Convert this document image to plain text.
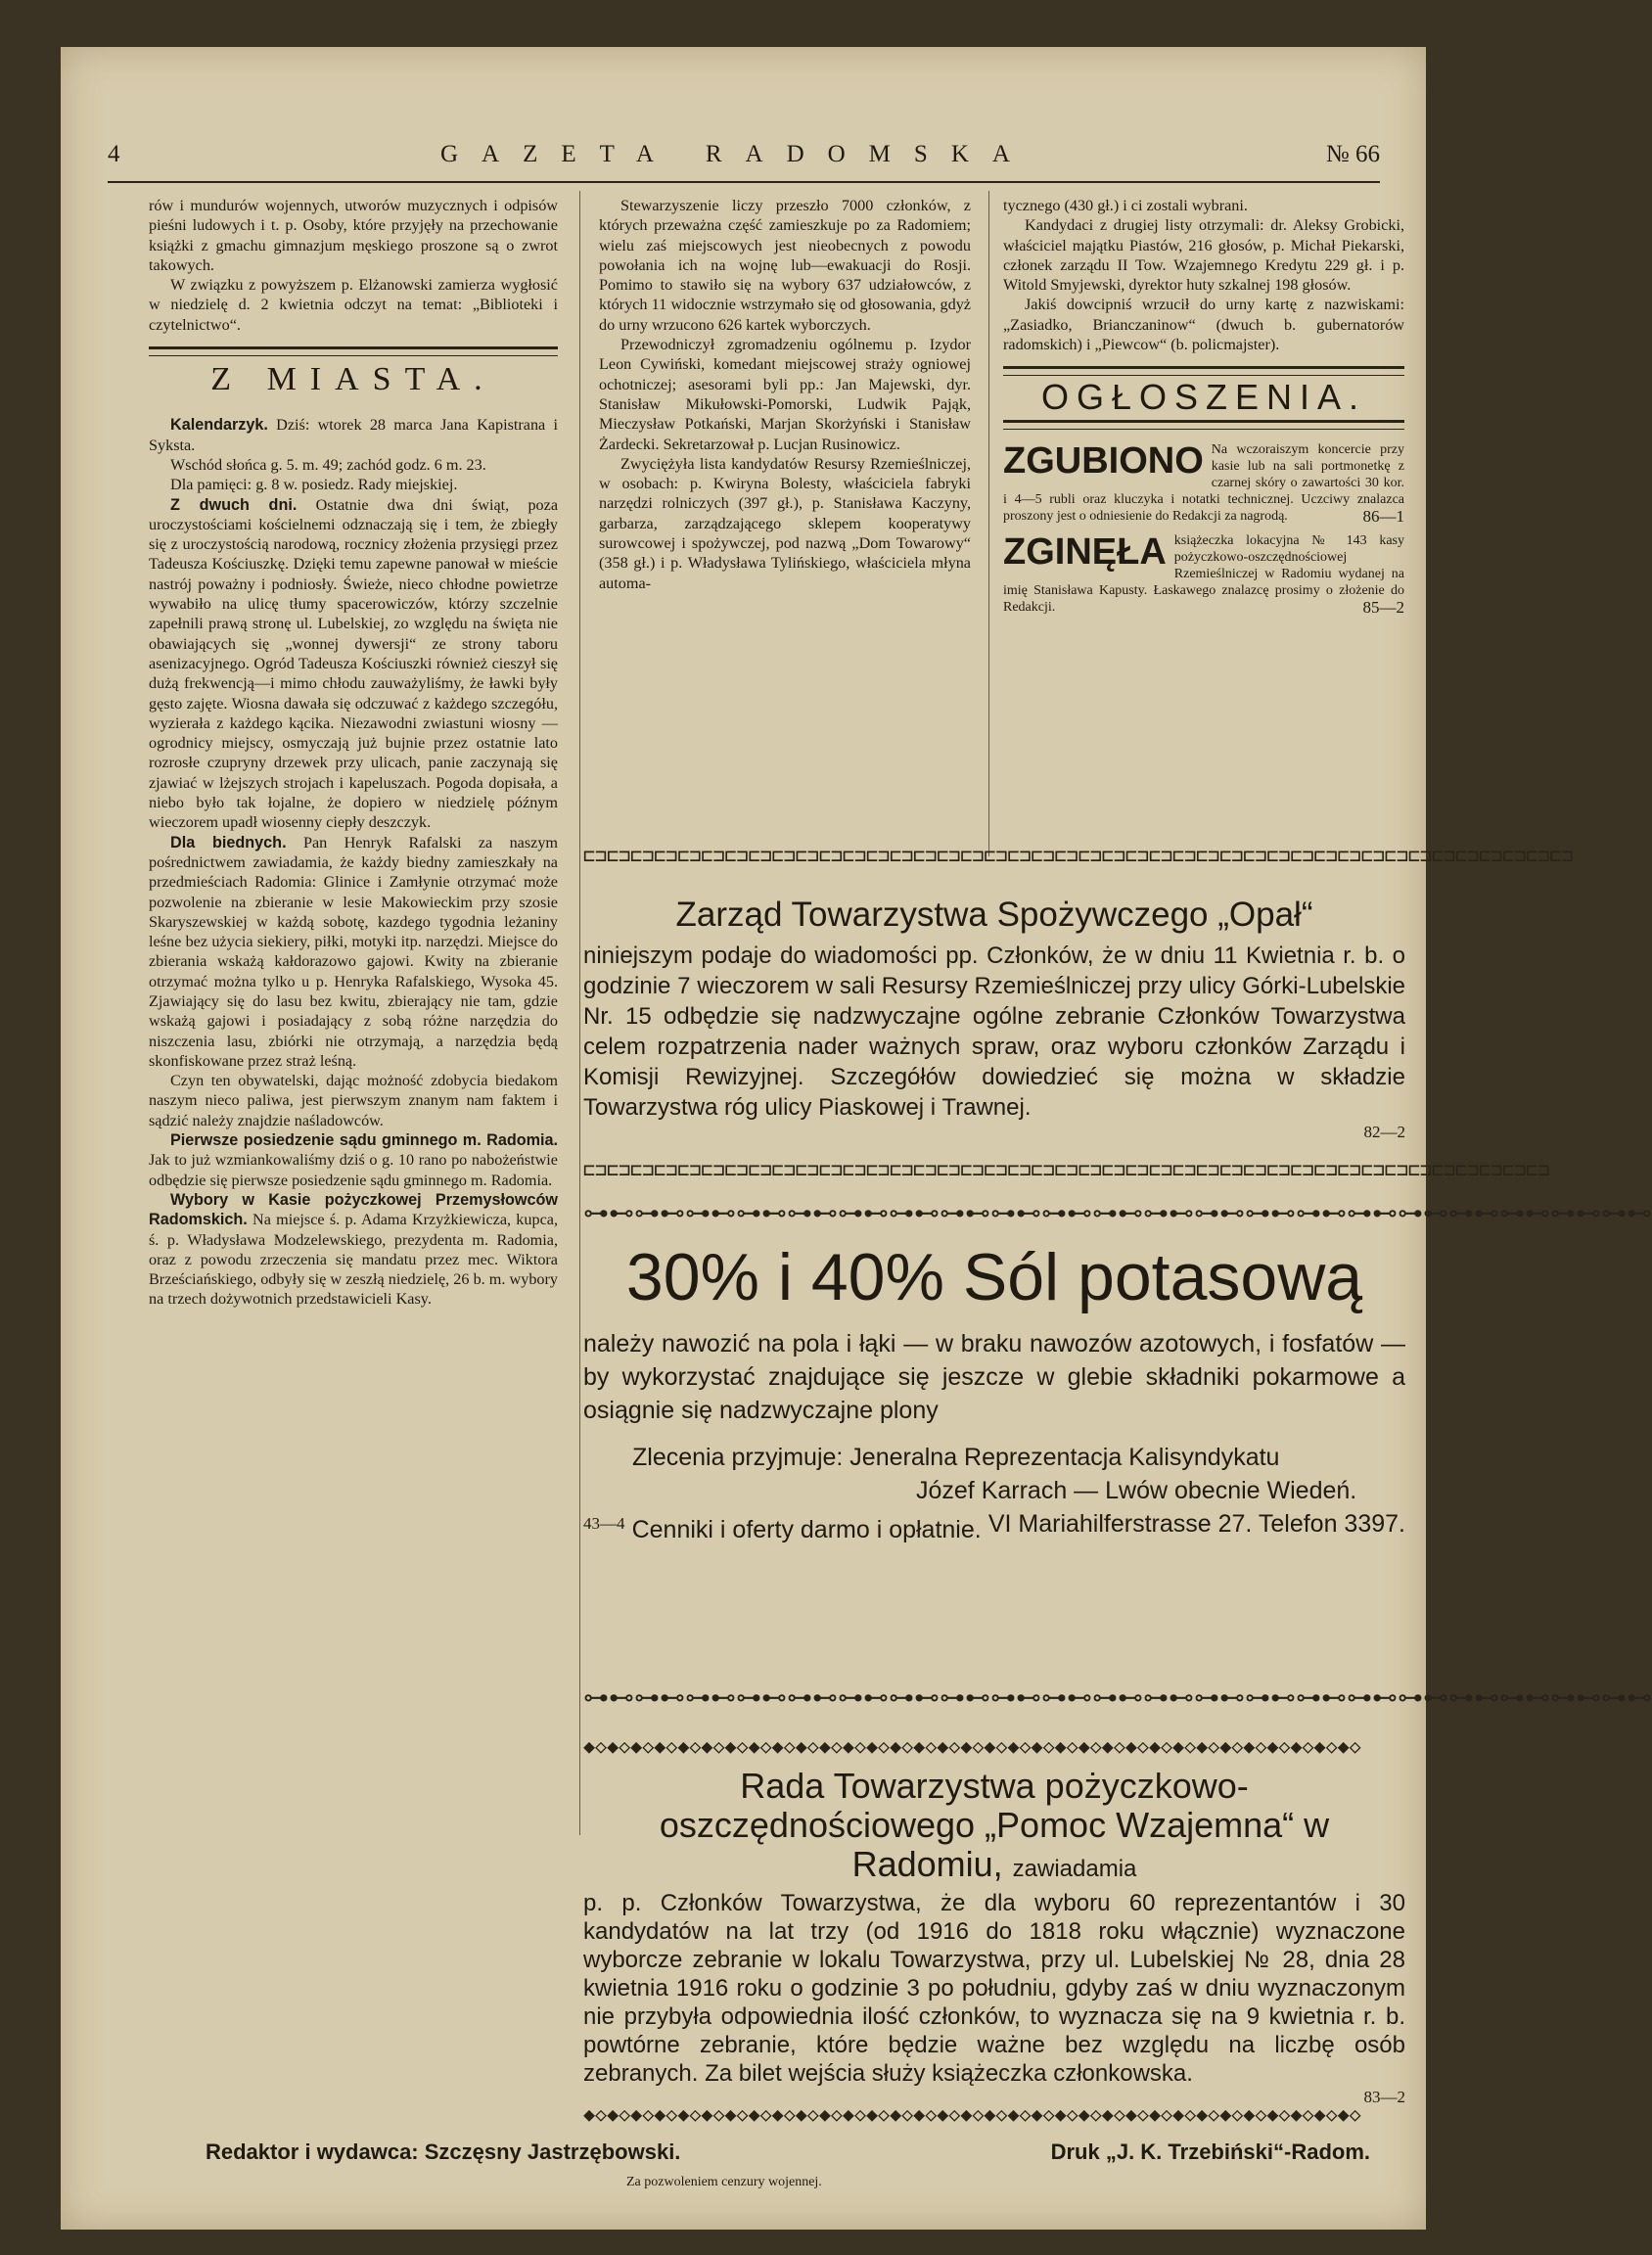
4	GAZETA RADOMSKA	№ 66

rów i mundurów wojennych, utworów muzycznych i odpisów pieśni ludowych i t. p. Osoby, które przyjęły na przechowanie książki z gmachu gimnazjum męskiego proszone są o zwrot takowych.

W związku z powyższem p. Elżanowski zamierza wygłosić w niedzielę d. 2 kwietnia odczyt na temat: „Biblioteki i czytelnictwo“.

Z MIASTA.

Kalendarzyk. Dziś: wtorek 28 marca Jana Kapistrana i Syksta.

Wschód słońca g. 5. m. 49; zachód godz. 6 m. 23.

Dla pamięci: g. 8 w. posiedz. Rady miejskiej.

Z dwuch dni. Ostatnie dwa dni świąt, poza uroczystościami kościelnemi odznaczają się i tem, że zbiegły się z uroczystością narodową, rocznicy złożenia przysięgi przez Tadeusza Kościuszkę. Dzięki temu zapewne panował w mieście nastrój poważny i podniosły. Świeże, nieco chłodne powietrze wywabiło na ulicę tłumy spacerowiczów, którzy szczelnie zapełnili prawą stronę ul. Lubelskiej, zo względu na święta nie obawiających się „wonnej dywersji“ ze strony taboru asenizacyjnego. Ogród Tadeusza Kościuszki również cieszył się dużą frekwencją—i mimo chłodu zauważyliśmy, że ławki były gęsto zajęte. Wiosna dawała się odczuwać z każdego szczegółu, wyzierała z każdego kącika. Niezawodni zwiastuni wiosny — ogrodnicy miejscy, osmyczają już bujnie przez ostatnie lato rozrosłe czupryny drzewek przy ulicach, panie zaczynają się zjawiać w lżejszych strojach i kapeluszach. Pogoda dopisała, a niebo było tak łojalne, że dopiero w niedzielę późnym wieczorem upadł wiosenny ciepły deszczyk.

Dla biednych. Pan Henryk Rafalski za naszym pośrednictwem zawiadamia, że każdy biedny zamieszkały na przedmieściach Radomia: Glinice i Zamłynie otrzymać może pozwolenie na zbieranie w lesie Makowieckim przy szosie Skaryszewskiej w każdą sobotę, kazdego tygodnia leżaniny leśne bez użycia siekiery, piłki, motyki itp. narzędzi. Miejsce do zbierania wskażą kałdorazowo gajowi. Kwity na zbieranie otrzymać można tylko u p. Henryka Rafalskiego, Wysoka 45. Zjawiający się do lasu bez kwitu, zbierający nie tam, gdzie wskażą gajowi i posiadający z sobą różne narzędzia do niszczenia lasu, zbiórki nie otrzymają, a narzędzia będą skonfiskowane przez straż leśną.

Czyn ten obywatelski, dając możność zdobycia biedakom naszym nieco paliwa, jest pierwszym znanym nam faktem i sądzić należy znajdzie naśladowców.

Pierwsze posiedzenie sądu gminnego m. Radomia. Jak to już wzmiankowaliśmy dziś o g. 10 rano po nabożeństwie odbędzie się pierwsze posiedzenie sądu gminnego m. Radomia.

Wybory w Kasie pożyczkowej Przemysłowców Radomskich. Na miejsce ś. p. Adama Krzyżkiewicza, kupca, ś. p. Władysława Modzelewskiego, prezydenta m. Radomia, oraz z powodu zrzeczenia się mandatu przez mec. Wiktora Brześciańskiego, odbyły się w zeszłą niedzielę, 26 b. m. wybory na trzech dożywotnich przedstawicieli Kasy.

Stewarzyszenie liczy przeszło 7000 członków, z których przeważna część zamieszkuje po za Radomiem; wielu zaś miejscowych jest nieobecnych z powodu powołania ich na wojnę lub—ewakuacji do Rosji. Pomimo to stawiło się na wybory 637 udziałowców, z których 11 widocznie wstrzymało się od głosowania, gdyż do urny wrzucono 626 kartek wyborczych.

Przewodniczył zgromadzeniu ogólnemu p. Izydor Leon Cywiński, komedant miejscowej straży ogniowej ochotniczej; asesorami byli pp.: Jan Majewski, dyr. Stanisław Mikułowski-Pomorski, Ludwik Pająk, Mieczysław Potkański, Marjan Skorżyński i Stanisław Żardecki. Sekretarzował p. Lucjan Rusinowicz.

Zwyciężyła lista kandydatów Resursy Rzemieślniczej, w osobach: p. Kwiryna Bolesty, właściciela fabryki narzędzi rolniczych (397 gł.), p. Stanisława Kaczyny, garbarza, zarządzającego sklepem kooperatywy surowcowej i spożywczej, pod nazwą „Dom Towarowy“ (358 gł.) i p. Władysława Tylińskiego, właściciela młyna automa-

tycznego (430 gł.) i ci zostali wybrani.

Kandydaci z drugiej listy otrzymali: dr. Aleksy Grobicki, właściciel majątku Piastów, 216 głosów, p. Michał Piekarski, członek zarządu II Tow. Wzajemnego Kredytu 229 gł. i p. Witold Smyjewski, dyrektor huty szkalnej 198 głosów.

Jakiś dowcipniś wrzucił do urny kartę z nazwiskami: „Zasiadko, Brianczaninow“ (dwuch b. gubernatorów radomskich) i „Piewcow“ (b. policmajster).

OGŁOSZENIA.
ZGUBIONO Na wczoraiszym koncercie przy kasie lub na sali portmonetkę z czarnej skóry o zawartości 30 kor. i 4—5 rubli oraz kluczyka i notatki technicznej. Uczciwy znalazca proszony jest o odniesienie do Redakcji za nagrodą.	86—1
ZGINĘŁA książeczka lokacyjna № 143 kasy pożyczkowo-oszczędnościowej Rzemieślniczej w Radomiu wydanej na imię Stanisława Kapusty. Łaskawego znalazcę prosimy o złożenie do Redakcji.	85—2
⊏⊐⊏⊐⊏⊐⊏⊐⊏⊐⊏⊐⊏⊐⊏⊐⊏⊐⊏⊐⊏⊐⊏⊐⊏⊐⊏⊐⊏⊐⊏⊐⊏⊐⊏⊐⊏⊐⊏⊐⊏⊐⊏⊐⊏⊐⊏⊐⊏⊐⊏⊐⊏⊐⊏⊐⊏⊐⊏⊐⊏⊐⊏⊐⊏⊐⊏⊐⊏⊐⊏⊐⊏⊐⊏⊐⊏⊐⊏⊐⊏⊐⊏⊐
Zarząd Towarzystwa Spożywczego „Opał“
niniejszym podaje do wiadomości pp. Członków, że w dniu 11 Kwietnia r. b. o godzinie 7 wieczorem w sali Resursy Rzemieślniczej przy ulicy Górki-Lubelskie Nr. 15 odbędzie się nadzwyczajne ogólne zebranie Członków Towarzystwa celem rozpatrzenia nader ważnych spraw, oraz wyboru członków Zarządu i Komisji Rewizyjnej. Szczegółów dowiedzieć się można w składzie Towarzystwa róg ulicy Piaskowej i Trawnej.
82—2
⊏⊐⊏⊐⊏⊐⊏⊐⊏⊐⊏⊐⊏⊐⊏⊐⊏⊐⊏⊐⊏⊐⊏⊐⊏⊐⊏⊐⊏⊐⊏⊐⊏⊐⊏⊐⊏⊐⊏⊐⊏⊐⊏⊐⊏⊐⊏⊐⊏⊐⊏⊐⊏⊐⊏⊐⊏⊐⊏⊐⊏⊐⊏⊐⊏⊐⊏⊐⊏⊐⊏⊐⊏⊐⊏⊐⊏⊐⊏⊐⊏⊐
⊶⊷⊶⊷⊶⊷⊶⊷⊶⊷⊶⊷⊶⊷⊶⊷⊶⊷⊶⊷⊶⊷⊶⊷⊶⊷⊶⊷⊶⊷⊶⊷⊶⊷⊶⊷⊶⊷⊶⊷⊶⊷
30% i 40% Sól potasową
należy nawozić na pola i łąki — w braku nawozów azotowych, i fosfatów — by wykorzystać znajdujące się jeszcze w glebie składniki pokarmowe a osiągnie się nadzwyczajne plony
Zlecenia przyjmuje: Jeneralna Reprezentacja Kalisyndykatu
Józef Karrach — Lwów obecnie Wiedeń.
43—4	VI Mariahilferstrasse 27. Telefon 3397.
Cenniki i oferty darmo i opłatnie.
⊶⊷⊶⊷⊶⊷⊶⊷⊶⊷⊶⊷⊶⊷⊶⊷⊶⊷⊶⊷⊶⊷⊶⊷⊶⊷⊶⊷⊶⊷⊶⊷⊶⊷⊶⊷⊶⊷⊶⊷⊶⊷
◆◇◆◇◆◇◆◇◆◇◆◇◆◇◆◇◆◇◆◇◆◇◆◇◆◇◆◇◆◇◆◇◆◇◆◇◆◇◆◇◆◇◆◇◆◇◆◇◆◇◆◇◆◇◆◇◆◇◆◇◆◇◆◇◆◇
Rada Towarzystwa pożyczkowo-oszczędnościowego „Pomoc Wzajemna“ w Radomiu, zawiadamia
p. p. Członków Towarzystwa, że dla wyboru 60 reprezentantów i 30 kandydatów na lat trzy (od 1916 do 1818 roku włącznie) wyznaczone wyborcze zebranie w lokalu Towarzystwa, przy ul. Lubelskiej № 28, dnia 28 kwietnia 1916 roku o godzinie 3 po południu, gdyby zaś w dniu wyznaczonym nie przybyła odpowiednia ilość członków, to wyznacza się na 9 kwietnia r. b. powtórne zebranie, które będzie ważne bez względu na liczbę osób zebranych. Za bilet wejścia służy książeczka członkowska.
83—2
◆◇◆◇◆◇◆◇◆◇◆◇◆◇◆◇◆◇◆◇◆◇◆◇◆◇◆◇◆◇◆◇◆◇◆◇◆◇◆◇◆◇◆◇◆◇◆◇◆◇◆◇◆◇◆◇◆◇◆◇◆◇◆◇◆◇
Redaktor i wydawca: Szczęsny Jastrzębowski.	Druk „J. K. Trzebiński“-Radom.
Za pozwoleniem cenzury wojennej.
